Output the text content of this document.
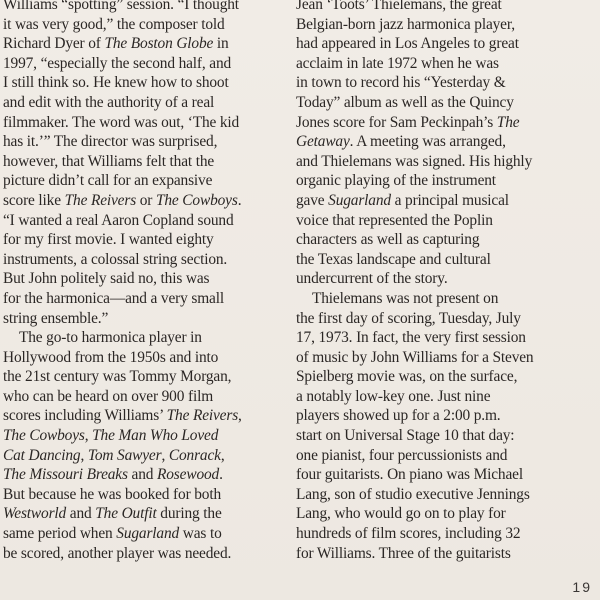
Williams “spotting” session. “I thought
it was very good,” the composer told
Richard Dyer of The Boston Globe in
1997, “especially the second half, and
I still think so. He knew how to shoot
and edit with the authority of a real
filmmaker. The word was out, ‘The kid
has it.’” The director was surprised,
however, that Williams felt that the
picture didn’t call for an expansive
score like The Reivers or The Cowboys.
“I wanted a real Aaron Copland sound
for my first movie. I wanted eighty
instruments, a colossal string section.
But John politely said no, this was
for the harmonica—and a very small
string ensemble.”
The go-to harmonica player in
Hollywood from the 1950s and into
the 21st century was Tommy Morgan,
who can be heard on over 900 film
scores including Williams’ The Reivers,
The Cowboys, The Man Who Loved
Cat Dancing, Tom Sawyer, Conrack,
The Missouri Breaks and Rosewood.
But because he was booked for both
Westworld and The Outfit during the
same period when Sugarland was to
be scored, another player was needed.
Jean ‘Toots’ Thielemans, the great
Belgian-born jazz harmonica player,
had appeared in Los Angeles to great
acclaim in late 1972 when he was
in town to record his “Yesterday &
Today” album as well as the Quincy
Jones score for Sam Peckinpah’s The
Getaway. A meeting was arranged,
and Thielemans was signed. His highly
organic playing of the instrument
gave Sugarland a principal musical
voice that represented the Poplin
characters as well as capturing
the Texas landscape and cultural
undercurrent of the story.
Thielemans was not present on
the first day of scoring, Tuesday, July
17, 1973. In fact, the very first session
of music by John Williams for a Steven
Spielberg movie was, on the surface,
a notably low-key one. Just nine
players showed up for a 2:00 p.m.
start on Universal Stage 10 that day:
one pianist, four percussionists and
four guitarists. On piano was Michael
Lang, son of studio executive Jennings
Lang, who would go on to play for
hundreds of film scores, including 32
for Williams. Three of the guitarists
19
